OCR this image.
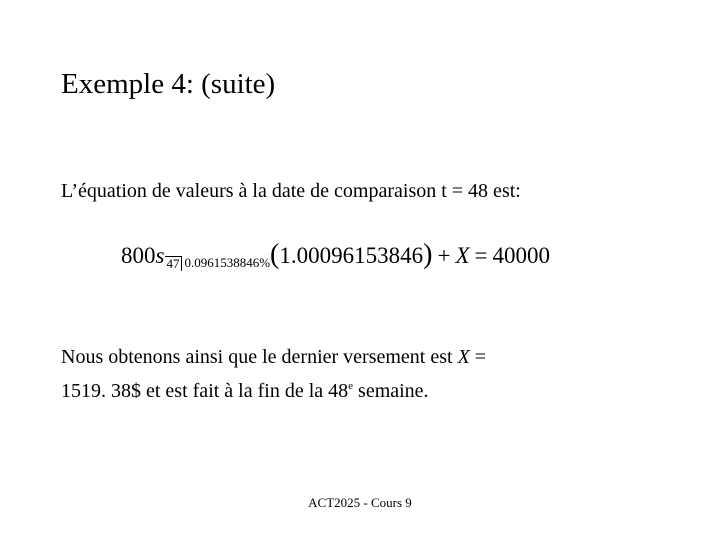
Exemple 4: (suite)
L’équation de valeurs à la date de comparaison t = 48 est:
800s 47 0.0961538846%(1.00096153846) + X = 40000
Nous obtenons ainsi que le dernier versement est X =
1519. 38$ et est fait à la fin de la 48e semaine.
ACT2025 - Cours 9
